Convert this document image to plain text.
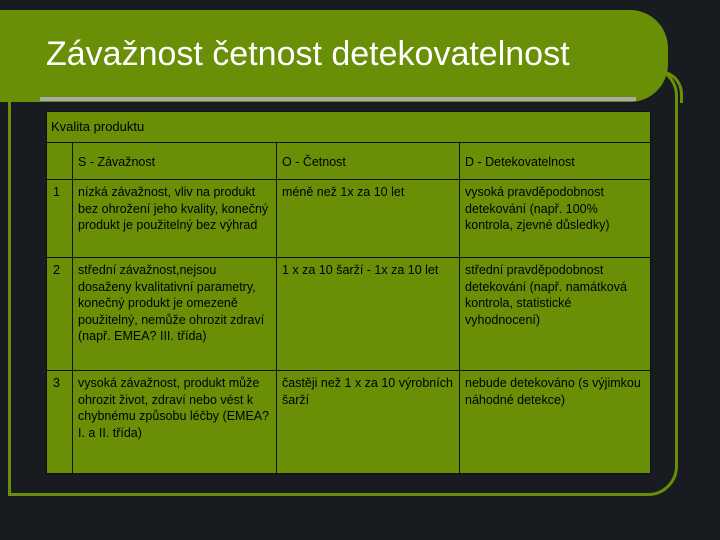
Závažnost četnost detekovatelnost
Kvalita produktu			
	S - Závažnost	O - Četnost	D - Detekovatelnost
1	nízká závažnost, vliv na produkt bez ohrožení jeho kvality, konečný produkt je použitelný bez výhrad	méně než 1x za 10 let	vysoká pravděpodobnost detekování (např. 100% kontrola, zjevné důsledky)
2	střední závažnost,nejsou dosaženy kvalitativní parametry, konečný produkt je omezeně použitelný, nemůže ohrozit zdraví (např. EMEA? III. třída)	1 x za 10 šarží - 1x za 10 let	střední pravděpodobnost detekování (např. namátková kontrola, statistické vyhodnocení)
3	vysoká závažnost, produkt může ohrozit život, zdraví nebo vést k chybnému způsobu léčby (EMEA? I. a II. třída)	častěji než 1 x za 10 výrobních šarží	nebude detekováno (s výjimkou náhodné detekce)
